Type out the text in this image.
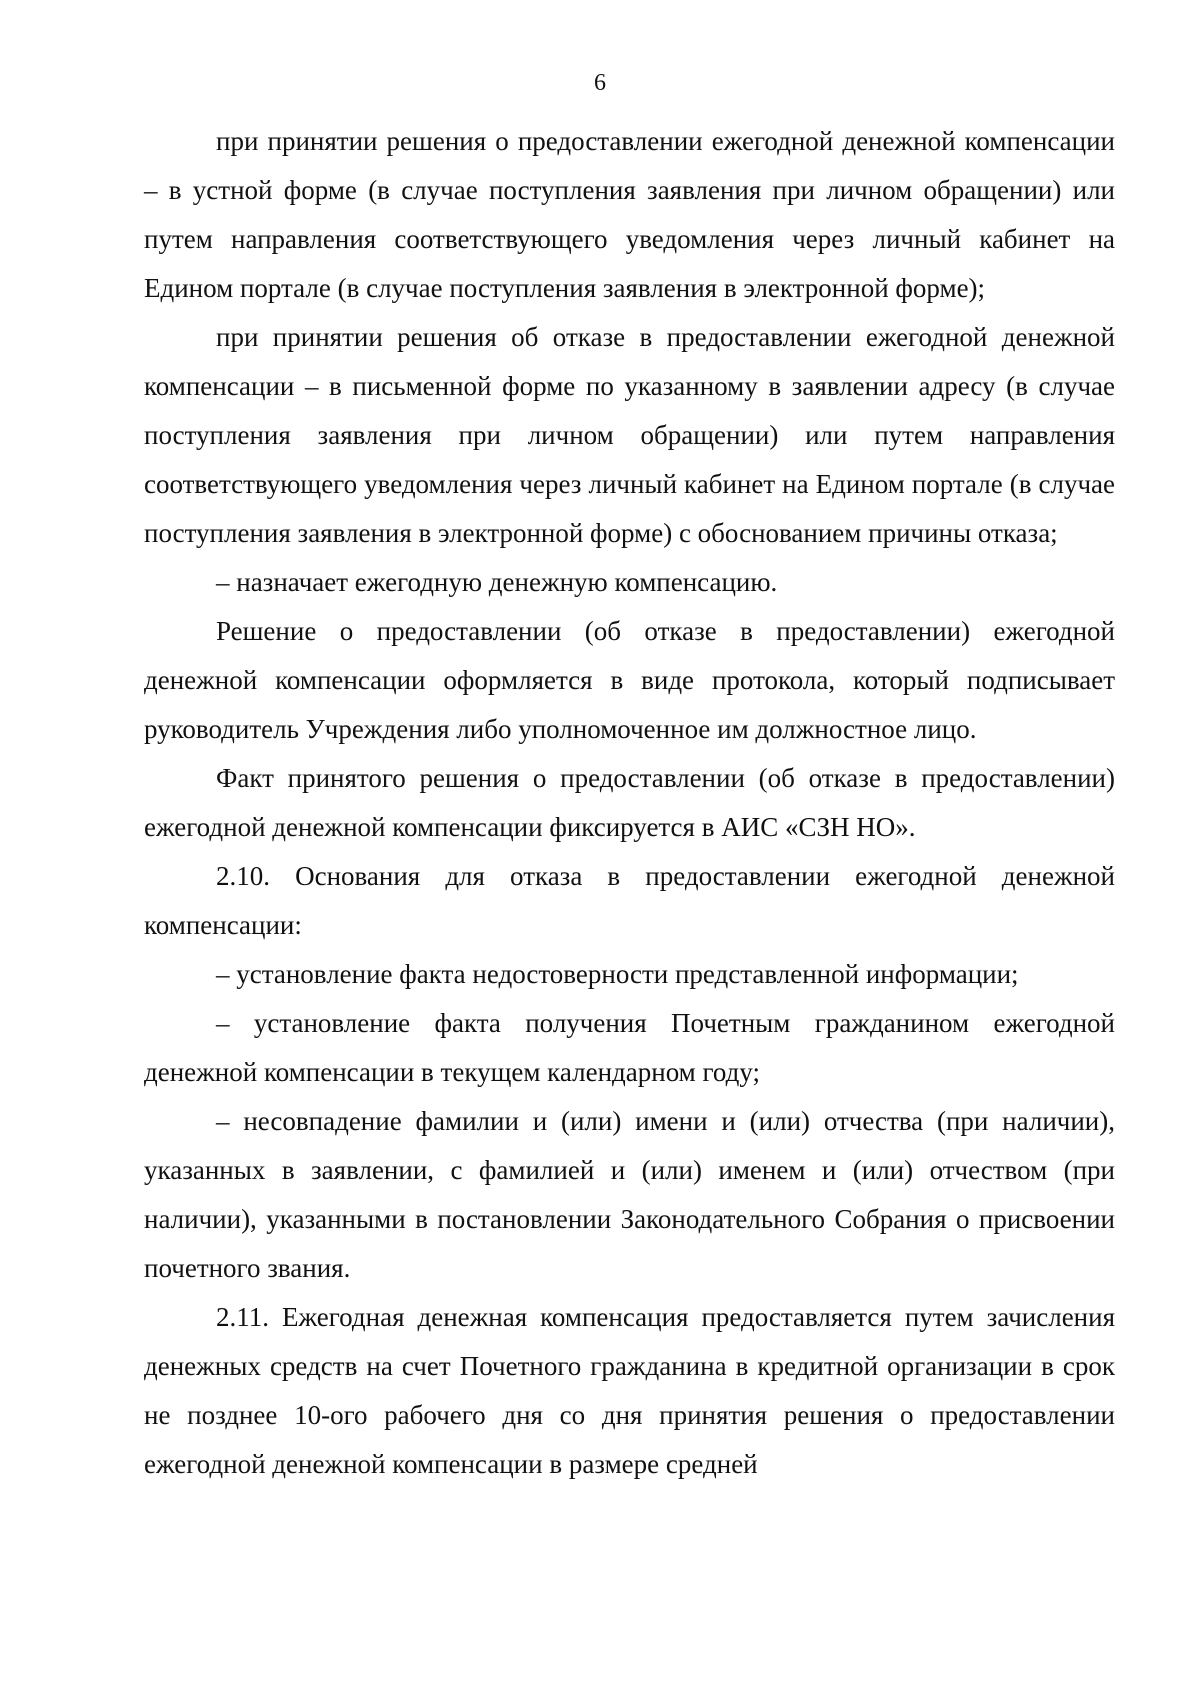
6

при принятии решения о предоставлении ежегодной денежной компенсации – в устной форме (в случае поступления заявления при личном обращении) или путем направления соответствующего уведомления через личный кабинет на Едином портале (в случае поступления заявления в электронной форме);

при принятии решения об отказе в предоставлении ежегодной денежной компенсации – в письменной форме по указанному в заявлении адресу (в случае поступления заявления при личном обращении) или путем направления соответствующего уведомления через личный кабинет на Едином портале (в случае поступления заявления в электронной форме) с обоснованием причины отказа;

– назначает ежегодную денежную компенсацию.

Решение о предоставлении (об отказе в предоставлении) ежегодной денежной компенсации оформляется в виде протокола, который подписывает руководитель Учреждения либо уполномоченное им должностное лицо.

Факт принятого решения о предоставлении (об отказе в предоставлении) ежегодной денежной компенсации фиксируется в АИС «СЗН НО».

2.10. Основания для отказа в предоставлении ежегодной денежной компенсации:

– установление факта недостоверности представленной информации;

– установление факта получения Почетным гражданином ежегодной денежной компенсации в текущем календарном году;

– несовпадение фамилии и (или) имени и (или) отчества (при наличии), указанных в заявлении, с фамилией и (или) именем и (или) отчеством (при наличии), указанными в постановлении Законодательного Собрания о присвоении почетного звания.

2.11. Ежегодная денежная компенсация предоставляется путем зачисления денежных средств на счет Почетного гражданина в кредитной организации в срок не позднее 10-ого рабочего дня со дня принятия решения о предоставлении ежегодной денежной компенсации в размере средней
